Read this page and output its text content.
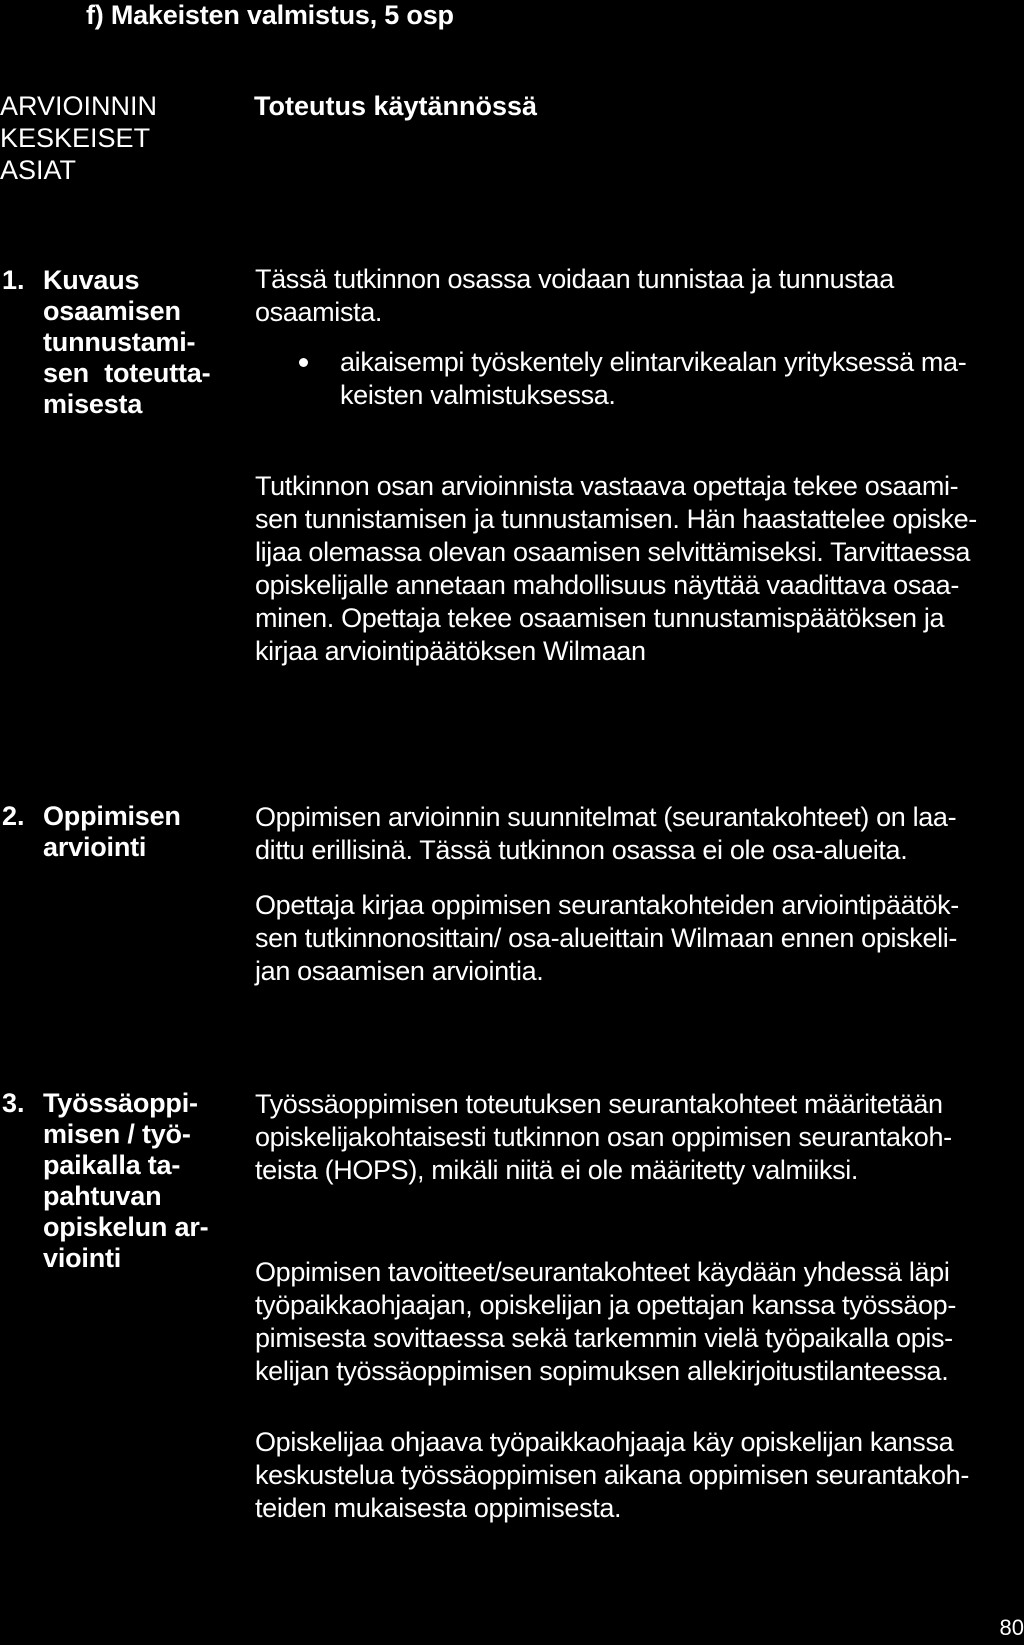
f) Makeisten valmistus, 5 osp
ARVIOINNIN
KESKEISET
ASIAT
Toteutus käytännössä
1. Kuvaus
osaamisen
tunnustami-
sen toteutta-
misesta
Tässä tutkinnon osassa voidaan tunnistaa ja tunnustaa
osaamista.
aikaisempi työskentely elintarvikealan yrityksessä ma-
keisten valmistuksessa.
Tutkinnon osan arvioinnista vastaava opettaja tekee osaami-
sen tunnistamisen ja tunnustamisen. Hän haastattelee opiske-
lijaa olemassa olevan osaamisen selvittämiseksi. Tarvittaessa
opiskelijalle annetaan mahdollisuus näyttää vaadittava osaa-
minen. Opettaja tekee osaamisen tunnustamispäätöksen ja
kirjaa arviointipäätöksen Wilmaan
2. Oppimisen
arviointi
Oppimisen arvioinnin suunnitelmat (seurantakohteet) on laa-
dittu erillisinä. Tässä tutkinnon osassa ei ole osa-alueita.
Opettaja kirjaa oppimisen seurantakohteiden arviointipäätök-
sen tutkinnonosittain/ osa-alueittain Wilmaan ennen opiskeli-
jan osaamisen arviointia.
3. Työssäoppi-
misen / työ-
paikalla ta-
pahtuvan
opiskelun ar-
viointi
Työssäoppimisen toteutuksen seurantakohteet määritetään
opiskelijakohtaisesti tutkinnon osan oppimisen seurantakoh-
teista (HOPS), mikäli niitä ei ole määritetty valmiiksi.
Oppimisen tavoitteet/seurantakohteet käydään yhdessä läpi
työpaikkaohjaajan, opiskelijan ja opettajan kanssa työssäop-
pimisesta sovittaessa sekä tarkemmin vielä työpaikalla opis-
kelijan työssäoppimisen sopimuksen allekirjoitustilanteessa.
Opiskelijaa ohjaava työpaikkaohjaaja käy opiskelijan kanssa
keskustelua työssäoppimisen aikana oppimisen seurantakoh-
teiden mukaisesta oppimisesta.
80
